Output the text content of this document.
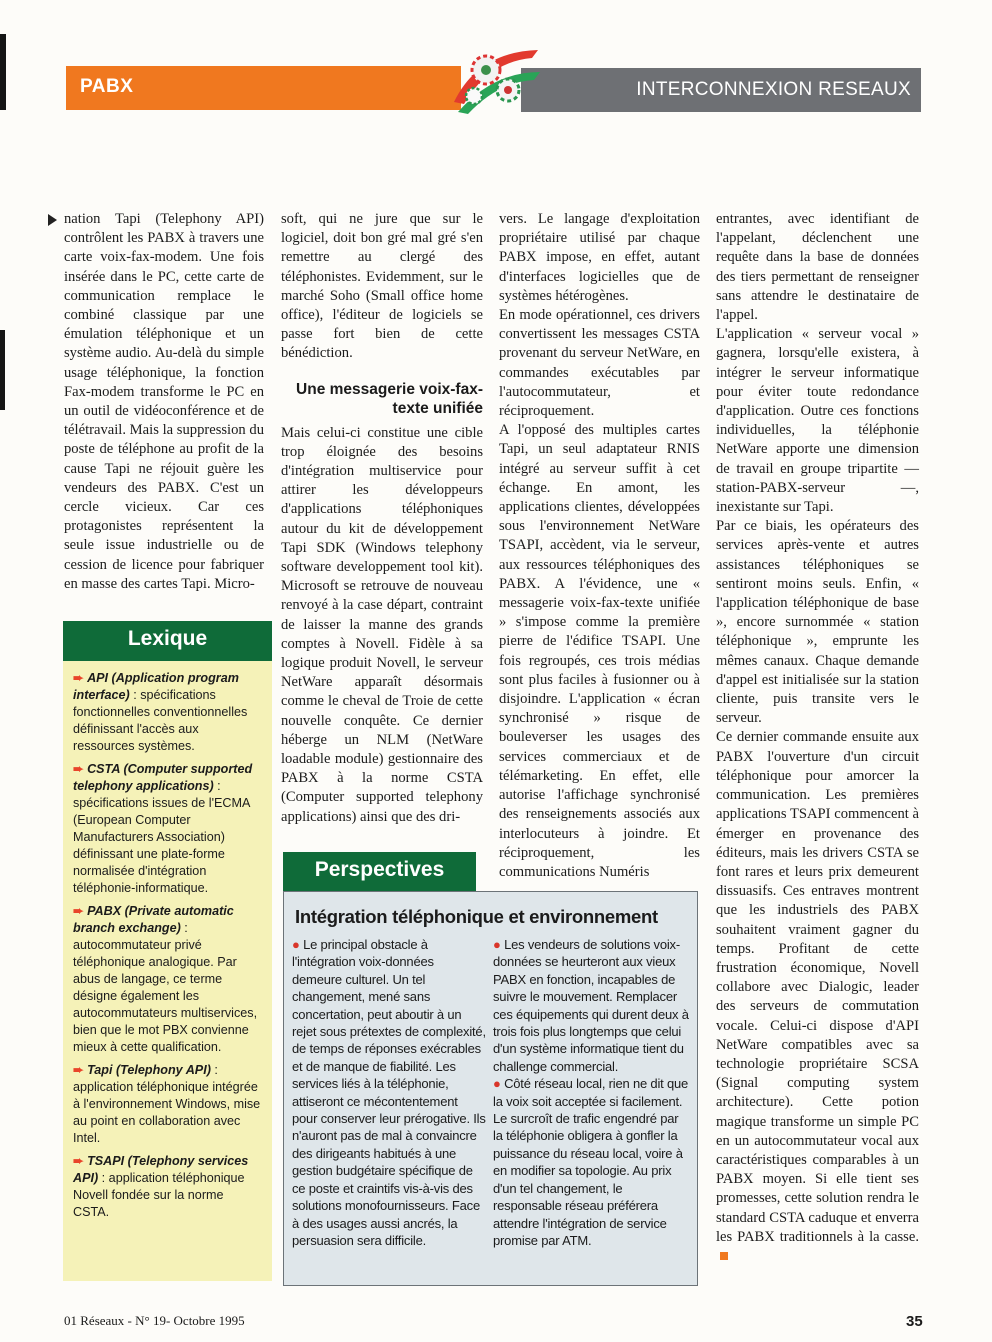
PABX	INTERCONNEXION RESEAUX

nation Tapi (Telephony API) contrôlent les PABX à travers une carte voix-fax-modem. Une fois insérée dans le PC, cette carte de communication remplace le combiné classique par une émulation téléphonique et un système audio. Au-delà du simple usage téléphonique, la fonction Fax-modem transforme le PC en un outil de vidéoconférence et de télétravail. Mais la suppression du poste de téléphone au profit de la cause Tapi ne réjouit guère les vendeurs des PABX. C'est un cercle vicieux. Car ces protagonistes représentent la seule issue industrielle ou de cession de licence pour fabriquer en masse des cartes Tapi. Micro-

soft, qui ne jure que sur le logiciel, doit bon gré mal gré s'en remettre au clergé des téléphonistes. Evidemment, sur le marché Soho (Small office home office), l'éditeur de logiciels se passe fort bien de cette bénédiction.

Une messagerie voix-fax-texte unifiée

Mais celui-ci constitue une cible trop éloignée des besoins d'intégration multiservice pour attirer les développeurs d'applications téléphoniques autour du kit de développement Tapi SDK (Windows telephony software developpement tool kit). Microsoft se retrouve de nouveau renvoyé à la case départ, contraint de laisser la manne des grands comptes à Novell. Fidèle à sa logique produit Novell, le serveur NetWare apparaît désormais comme le cheval de Troie de cette nouvelle conquête. Ce dernier héberge un NLM (NetWare loadable module) gestionnaire des PABX à la norme CSTA (Computer supported telephony applications) ainsi que des dri-

vers. Le langage d'exploitation propriétaire utilisé par chaque PABX impose, en effet, autant d'interfaces logicielles que de systèmes hétérogènes.

En mode opérationnel, ces drivers convertissent les messages CSTA provenant du serveur NetWare, en commandes exécutables par l'autocommutateur, et réciproquement.

A l'opposé des multiples cartes Tapi, un seul adaptateur RNIS intégré au serveur suffit à cet échange. En amont, les applications clientes, développées sous l'environnement NetWare TSAPI, accèdent, via le serveur, aux ressources téléphoniques des PABX. A l'évidence, une « messagerie voix-fax-texte unifiée » s'impose comme la première pierre de l'édifice TSAPI. Une fois regroupés, ces trois médias sont plus faciles à fusionner ou à disjoindre. L'application « écran synchronisé » risque de bouleverser les usages des services commerciaux et de télémarketing. En effet, elle autorise l'affichage synchronisé des renseignements associés aux interlocuteurs à joindre. Et réciproquement, les communications Numéris

entrantes, avec identifiant de l'appelant, déclenchent une requête dans la base de données des tiers permettant de renseigner sans attendre le destinataire de l'appel.

L'application « serveur vocal » gagnera, lorsqu'elle existera, à intégrer le serveur informatique pour éviter toute redondance d'application. Outre ces fonctions individuelles, la téléphonie NetWare apporte une dimension de travail en groupe tripartite — station-PABX-serveur —, inexistante sur Tapi.

Par ce biais, les opérateurs des services après-vente et autres assistances téléphoniques se sentiront moins seuls. Enfin, « l'application téléphonique de base », encore surnommée « station téléphonique », emprunte les mêmes canaux. Chaque demande d'appel est initialisée sur la station cliente, puis transite vers le serveur.

Ce dernier commande ensuite aux PABX l'ouverture d'un circuit téléphonique pour amorcer la communication. Les premières applications TSAPI commencent à émerger en provenance des éditeurs, mais les drivers CSTA se font rares et leurs prix demeurent dissuasifs. Ces entraves montrent que les industriels des PABX souhaitent vraiment gagner du temps. Profitant de cette frustration économique, Novell collabore avec Dialogic, leader des serveurs de commutation vocale. Celui-ci dispose d'API NetWare compatibles avec sa technologie propriétaire SCSA (Signal computing system architecture). Cette potion magique transforme un simple PC en un autocommutateur vocal aux caractéristiques comparables à un PABX moyen. Si elle tient ses promesses, cette solution rendra le standard CSTA caduque et enverra les PABX traditionnels à la casse.

Lexique
➨ API (Application program interface) : spécifications fonctionnelles conventionnelles définissant l'accès aux ressources systèmes.
➨ CSTA (Computer supported telephony applications) : spécifications issues de l'ECMA (European Computer Manufacturers Association) définissant une plate-forme normalisée d'intégration téléphonie-informatique.
➨ PABX (Private automatic branch exchange) : autocommutateur privé téléphonique analogique. Par abus de langage, ce terme désigne également les autocommutateurs multiservices, bien que le mot PBX convienne mieux à cette qualification.
➨ Tapi (Telephony API) : application téléphonique intégrée à l'environnement Windows, mise au point en collaboration avec Intel.
➨ TSAPI (Telephony services API) : application téléphonique Novell fondée sur la norme CSTA.
Perspectives
Intégration téléphonique et environnement
● Le principal obstacle à l'intégration voix-données demeure culturel. Un tel changement, mené sans concertation, peut aboutir à un rejet sous prétextes de complexité, de temps de réponses exécrables et de manque de fiabilité. Les services liés à la téléphonie, attiseront ce mécontentement pour conserver leur prérogative. Ils n'auront pas de mal à convaincre des dirigeants habitués à une gestion budgétaire spécifique de ce poste et craintifs vis-à-vis des solutions monofournisseurs. Face à des usages aussi ancrés, la persuasion sera difficile.
● Les vendeurs de solutions voix-données se heurteront aux vieux PABX en fonction, incapables de suivre le mouvement. Remplacer ces équipements qui durent deux à trois fois plus longtemps que celui d'un système informatique tient du challenge commercial.
● Côté réseau local, rien ne dit que la voix soit acceptée si facilement. Le surcroît de trafic engendré par la téléphonie obligera à gonfler la puissance du réseau local, voire à en modifier sa topologie. Au prix d'un tel changement, le responsable réseau préférera attendre l'intégration de service promise par ATM.
01 Réseaux - N° 19- Octobre 1995	35
